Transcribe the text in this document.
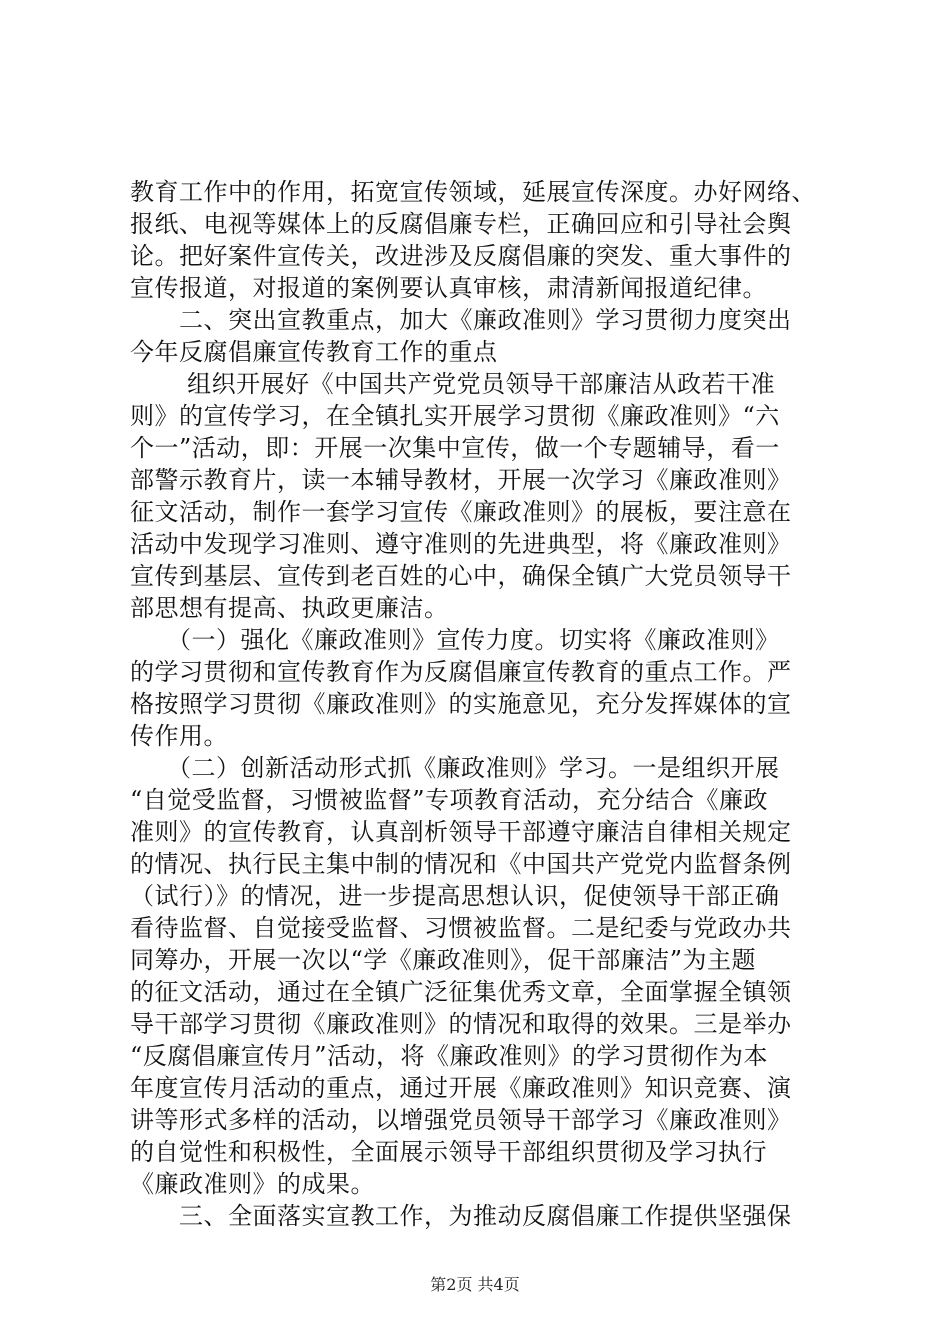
教育工作中的作用，拓宽宣传领域，延展宣传深度。办好网络、
报纸、电视等媒体上的反腐倡廉专栏，正确回应和引导社会舆
论。把好案件宣传关，改进涉及反腐倡廉的突发、重大事件的
宣传报道，对报道的案例要认真审核，肃清新闻报道纪律。
　　二、突出宣教重点，加大《廉政准则》学习贯彻力度突出
今年反腐倡廉宣传教育工作的重点
　　 组织开展好《中国共产党党员领导干部廉洁从政若干准
则》的宣传学习，在全镇扎实开展学习贯彻《廉政准则》“六
个一”活动，即：开展一次集中宣传，做一个专题辅导，看一
部警示教育片，读一本辅导教材，开展一次学习《廉政准则》
征文活动，制作一套学习宣传《廉政准则》的展板，要注意在
活动中发现学习准则、遵守准则的先进典型，将《廉政准则》
宣传到基层、宣传到老百姓的心中，确保全镇广大党员领导干
部思想有提高、执政更廉洁。
　　（一）强化《廉政准则》宣传力度。切实将《廉政准则》
的学习贯彻和宣传教育作为反腐倡廉宣传教育的重点工作。严
格按照学习贯彻《廉政准则》的实施意见，充分发挥媒体的宣
传作用。
　　（二）创新活动形式抓《廉政准则》学习。一是组织开展
“自觉受监督，习惯被监督”专项教育活动，充分结合《廉政
准则》的宣传教育，认真剖析领导干部遵守廉洁自律相关规定
的情况、执行民主集中制的情况和《中国共产党党内监督条例
（试行）》的情况，进一步提高思想认识，促使领导干部正确
看待监督、自觉接受监督、习惯被监督。二是纪委与党政办共
同筹办，开展一次以“学《廉政准则》，促干部廉洁”为主题
的征文活动，通过在全镇广泛征集优秀文章，全面掌握全镇领
导干部学习贯彻《廉政准则》的情况和取得的效果。三是举办
“反腐倡廉宣传月”活动，将《廉政准则》的学习贯彻作为本
年度宣传月活动的重点，通过开展《廉政准则》知识竞赛、演
讲等形式多样的活动，以增强党员领导干部学习《廉政准则》
的自觉性和积极性，全面展示领导干部组织贯彻及学习执行
《廉政准则》的成果。
　　三、全面落实宣教工作，为推动反腐倡廉工作提供坚强保
第2页 共4页
